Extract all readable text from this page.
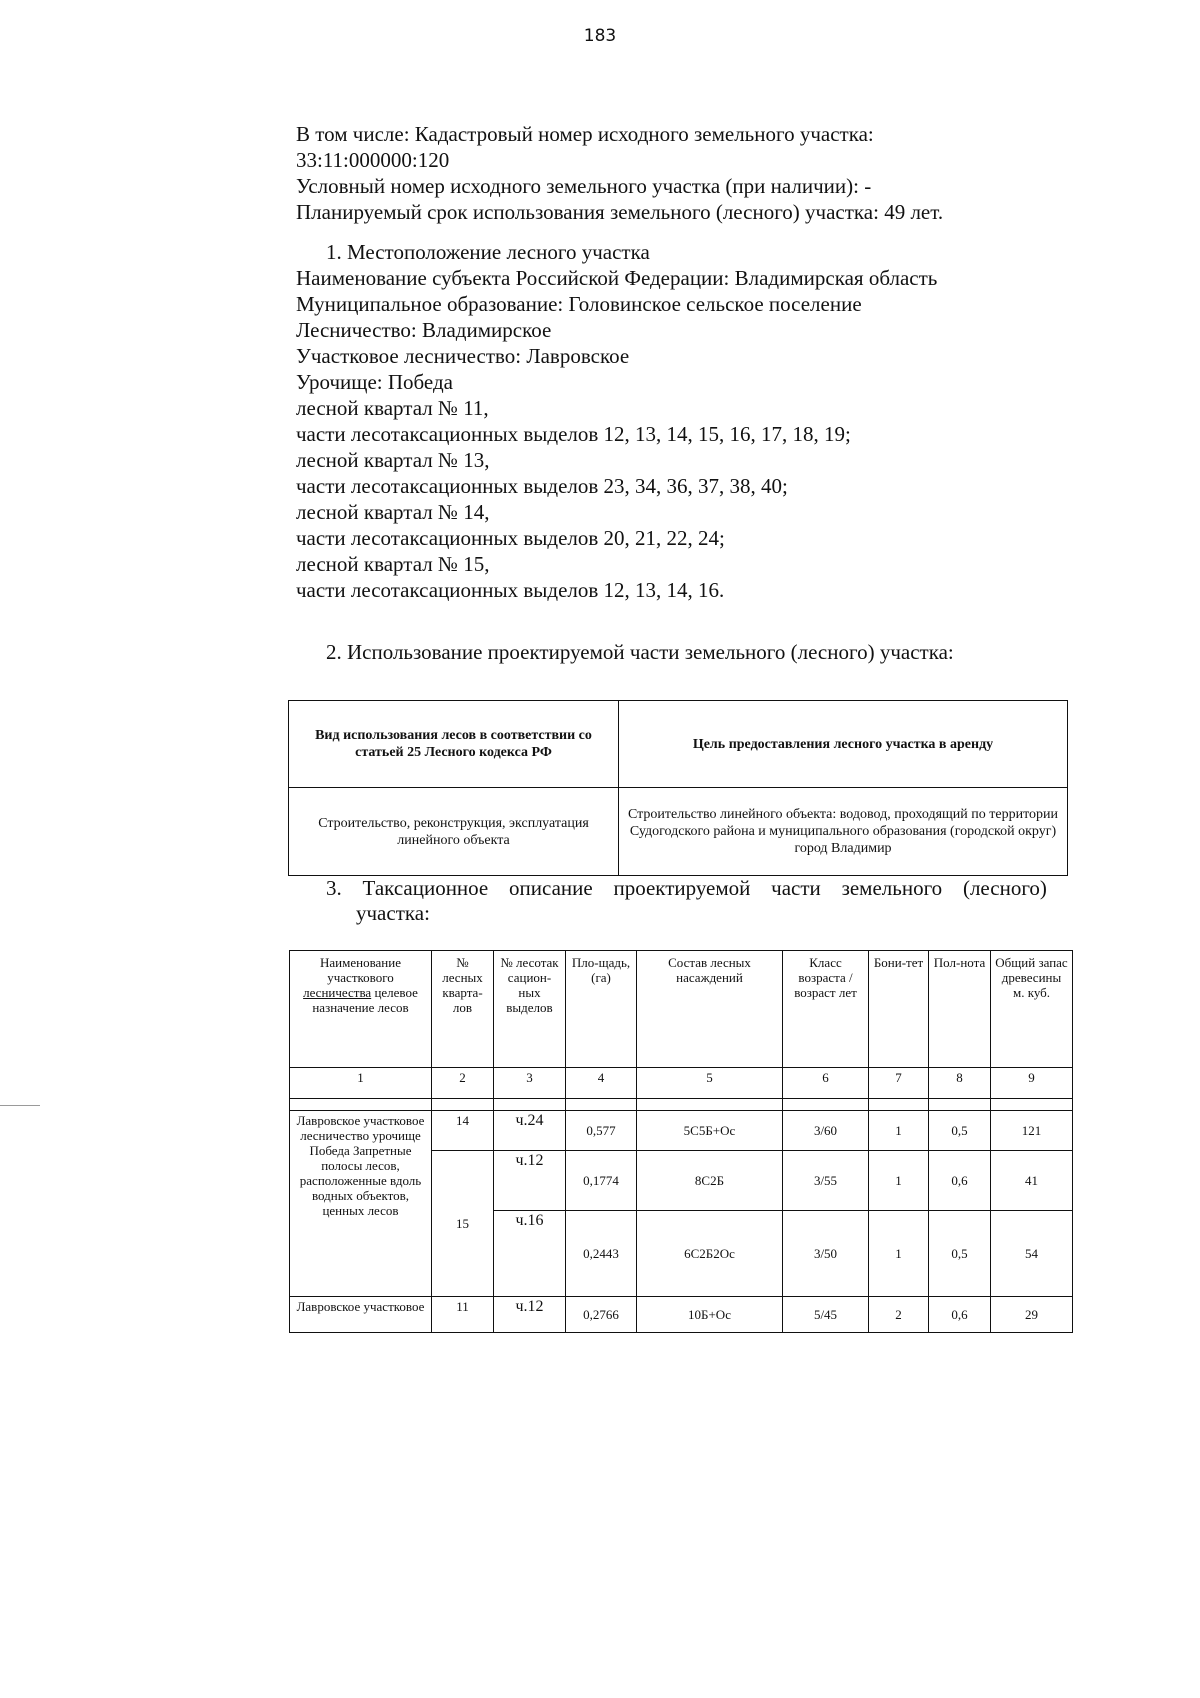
183
В том числе: Кадастровый номер исходного земельного участка:
33:11:000000:120
Условный номер исходного земельного участка (при наличии): -
Планируемый срок использования земельного (лесного) участка: 49 лет.
1. Местоположение лесного участка
Наименование субъекта Российской Федерации: Владимирская область
Муниципальное образование: Головинское сельское поселение
Лесничество: Владимирское
Участковое лесничество: Лавровское
Урочище: Победа
лесной квартал № 11,
части лесотаксационных выделов 12, 13, 14, 15, 16, 17, 18, 19;
лесной квартал № 13,
части лесотаксационных выделов 23, 34, 36, 37, 38, 40;
лесной квартал № 14,
части лесотаксационных выделов 20, 21, 22, 24;
лесной квартал № 15,
части лесотаксационных выделов 12, 13, 14, 16.
2. Использование проектируемой части земельного (лесного) участка:
Вид использования лесов в соответствии со статьей 25 Лесного кодекса РФ	Цель предоставления лесного участка в аренду
Строительство, реконструкция, эксплуатация линейного объекта	Строительство линейного объекта: водовод, проходящий по территории Судогодского района и муниципального образования (городской округ) город Владимир
3. Таксационное описание проектируемой части земельного (лесного)
участка:
Наименование участкового лесничества целевое назначение лесов	№ лесных кварта-лов	№ лесотак сацион-ных выделов	Пло-щадь, (га)	Состав лесных насаждений	Класс возраста /возраст лет	Бони-тет	Пол-нота	Общий запас древесины м. куб.
1	2	3	4	5	6	7	8	9

Лавровское участковое лесничество урочище Победа Запретные полосы лесов, расположенные вдоль водных объектов, ценных лесов	14	ч.24	0,577	5С5Б+Ос	3/60	1	0,5	121
	15	ч.12	0,1774	8С2Б	3/55	1	0,6	41
		ч.16	0,2443	6С2Б2Ос	3/50	1	0,5	54
Лавровское участковое	11	ч.12	0,2766	10Б+Ос	5/45	2	0,6	29
